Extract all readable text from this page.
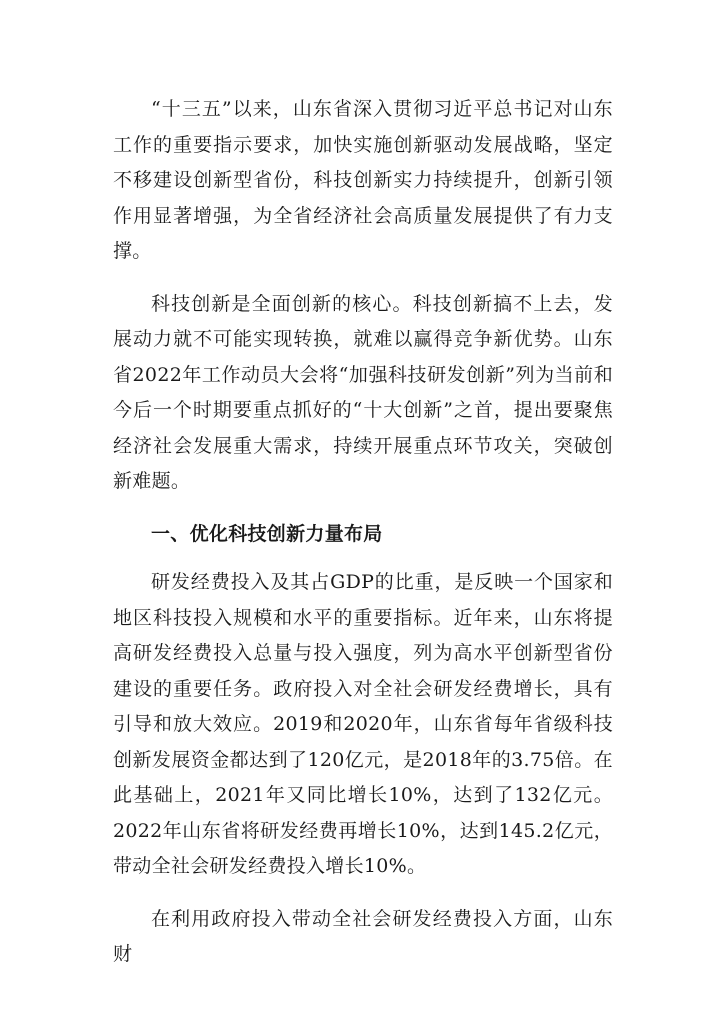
“十三五”以来，山东省深入贯彻习近平总书记对山东工作的重要指示要求，加快实施创新驱动发展战略，坚定不移建设创新型省份，科技创新实力持续提升，创新引领作用显著增强，为全省经济社会高质量发展提供了有力支撑。

科技创新是全面创新的核心。科技创新搞不上去，发展动力就不可能实现转换，就难以赢得竞争新优势。山东省2022年工作动员大会将“加强科技研发创新”列为当前和今后一个时期要重点抓好的“十大创新”之首，提出要聚焦经济社会发展重大需求，持续开展重点环节攻关，突破创新难题。

一、优化科技创新力量布局

研发经费投入及其占GDP的比重，是反映一个国家和地区科技投入规模和水平的重要指标。近年来，山东将提高研发经费投入总量与投入强度，列为高水平创新型省份建设的重要任务。政府投入对全社会研发经费增长，具有引导和放大效应。2019和2020年，山东省每年省级科技创新发展资金都达到了120亿元，是2018年的3.75倍。在此基础上，2021年又同比增长10%，达到了132亿元。2022年山东省将研发经费再增长10%，达到145.2亿元，带动全社会研发经费投入增长10%。

在利用政府投入带动全社会研发经费投入方面，山东财
